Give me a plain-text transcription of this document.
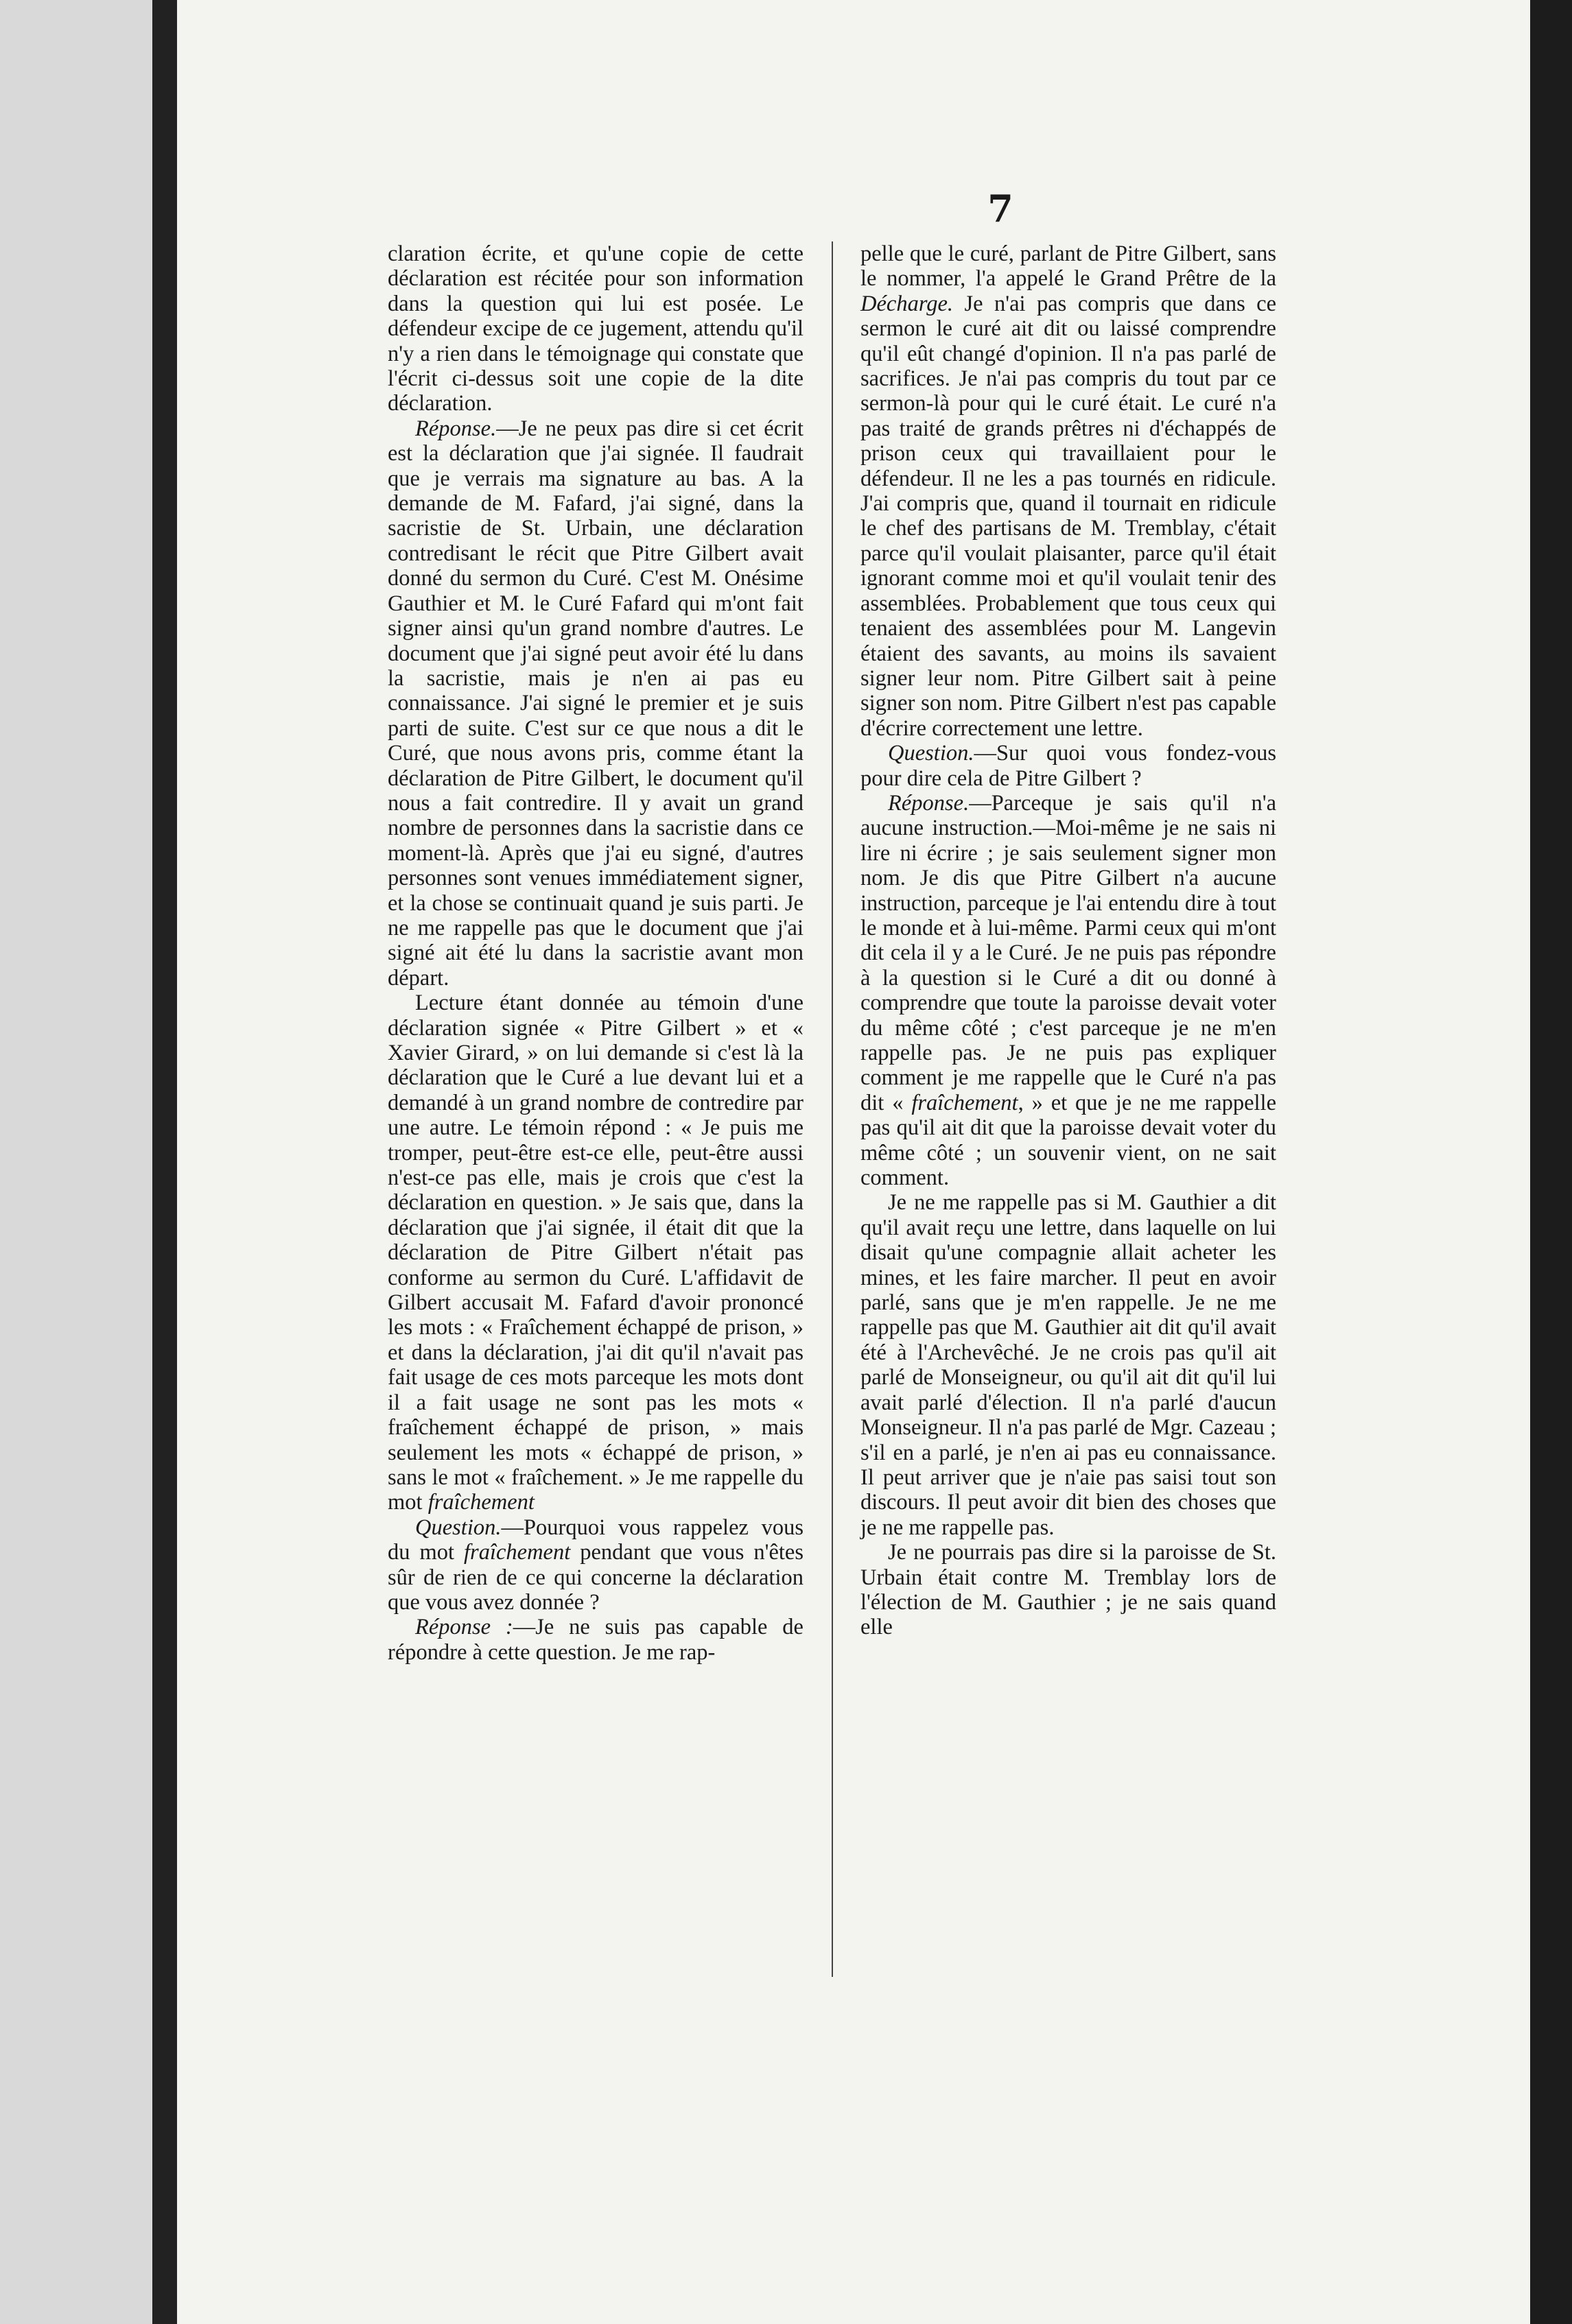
7

claration écrite, et qu'une copie de cette déclaration est récitée pour son information dans la question qui lui est posée. Le défendeur excipe de ce jugement, attendu qu'il n'y a rien dans le témoignage qui constate que l'écrit ci-dessus soit une copie de la dite déclaration.

Réponse.—Je ne peux pas dire si cet écrit est la déclaration que j'ai signée. Il faudrait que je verrais ma signature au bas. A la demande de M. Fafard, j'ai signé, dans la sacristie de St. Urbain, une déclaration contredisant le récit que Pitre Gilbert avait donné du sermon du Curé. C'est M. Onésime Gauthier et M. le Curé Fafard qui m'ont fait signer ainsi qu'un grand nombre d'autres. Le document que j'ai signé peut avoir été lu dans la sacristie, mais je n'en ai pas eu connaissance. J'ai signé le premier et je suis parti de suite. C'est sur ce que nous a dit le Curé, que nous avons pris, comme étant la déclaration de Pitre Gilbert, le document qu'il nous a fait contredire. Il y avait un grand nombre de personnes dans la sacristie dans ce moment-là. Après que j'ai eu signé, d'autres personnes sont venues immédiatement signer, et la chose se continuait quand je suis parti. Je ne me rappelle pas que le document que j'ai signé ait été lu dans la sacristie avant mon départ.

Lecture étant donnée au témoin d'une déclaration signée « Pitre Gilbert » et « Xavier Girard, » on lui demande si c'est là la déclaration que le Curé a lue devant lui et a demandé à un grand nombre de contredire par une autre. Le témoin répond : « Je puis me tromper, peut-être est-ce elle, peut-être aussi n'est-ce pas elle, mais je crois que c'est la déclaration en question. » Je sais que, dans la déclaration que j'ai signée, il était dit que la déclaration de Pitre Gilbert n'était pas conforme au sermon du Curé. L'affidavit de Gilbert accusait M. Fafard d'avoir prononcé les mots : « Fraîchement échappé de prison, » et dans la déclaration, j'ai dit qu'il n'avait pas fait usage de ces mots parceque les mots dont il a fait usage ne sont pas les mots « fraîchement échappé de prison, » mais seulement les mots « échappé de prison, » sans le mot « fraîchement. » Je me rappelle du mot fraîchement

Question.—Pourquoi vous rappelez vous du mot fraîchement pendant que vous n'êtes sûr de rien de ce qui concerne la déclaration que vous avez donnée ?

Réponse :—Je ne suis pas capable de répondre à cette question. Je me rap-

pelle que le curé, parlant de Pitre Gilbert, sans le nommer, l'a appelé le Grand Prêtre de la Décharge. Je n'ai pas compris que dans ce sermon le curé ait dit ou laissé comprendre qu'il eût changé d'opinion. Il n'a pas parlé de sacrifices. Je n'ai pas compris du tout par ce sermon-là pour qui le curé était. Le curé n'a pas traité de grands prêtres ni d'échappés de prison ceux qui travaillaient pour le défendeur. Il ne les a pas tournés en ridicule. J'ai compris que, quand il tournait en ridicule le chef des partisans de M. Tremblay, c'était parce qu'il voulait plaisanter, parce qu'il était ignorant comme moi et qu'il voulait tenir des assemblées. Probablement que tous ceux qui tenaient des assemblées pour M. Langevin étaient des savants, au moins ils savaient signer leur nom. Pitre Gilbert sait à peine signer son nom. Pitre Gilbert n'est pas capable d'écrire correctement une lettre.

Question.—Sur quoi vous fondez-vous pour dire cela de Pitre Gilbert ?

Réponse.—Parceque je sais qu'il n'a aucune instruction.—Moi-même je ne sais ni lire ni écrire ; je sais seulement signer mon nom. Je dis que Pitre Gilbert n'a aucune instruction, parceque je l'ai entendu dire à tout le monde et à lui-même. Parmi ceux qui m'ont dit cela il y a le Curé. Je ne puis pas répondre à la question si le Curé a dit ou donné à comprendre que toute la paroisse devait voter du même côté ; c'est parceque je ne m'en rappelle pas. Je ne puis pas expliquer comment je me rappelle que le Curé n'a pas dit « fraîchement, » et que je ne me rappelle pas qu'il ait dit que la paroisse devait voter du même côté ; un souvenir vient, on ne sait comment.

Je ne me rappelle pas si M. Gauthier a dit qu'il avait reçu une lettre, dans laquelle on lui disait qu'une compagnie allait acheter les mines, et les faire marcher. Il peut en avoir parlé, sans que je m'en rappelle. Je ne me rappelle pas que M. Gauthier ait dit qu'il avait été à l'Archevêché. Je ne crois pas qu'il ait parlé de Monseigneur, ou qu'il ait dit qu'il lui avait parlé d'élection. Il n'a parlé d'aucun Monseigneur. Il n'a pas parlé de Mgr. Cazeau ; s'il en a parlé, je n'en ai pas eu connaissance. Il peut arriver que je n'aie pas saisi tout son discours. Il peut avoir dit bien des choses que je ne me rappelle pas.

Je ne pourrais pas dire si la paroisse de St. Urbain était contre M. Tremblay lors de l'élection de M. Gauthier ; je ne sais quand elle
